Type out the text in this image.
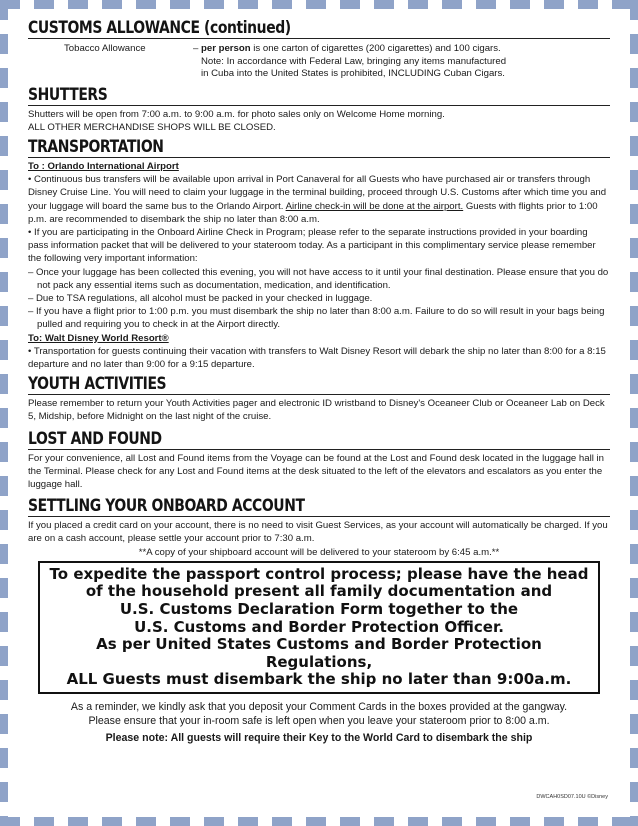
CUSTOMS ALLOWANCE (continued)
Tobacco Allowance	– per person is one carton of cigarettes (200 cigarettes) and 100 cigars.
Note: In accordance with Federal Law, bringing any items manufactured
in Cuba into the United States is prohibited, INCLUDING Cuban Cigars.
SHUTTERS

Shutters will be open from 7:00 a.m. to 9:00 a.m. for photo sales only on Welcome Home morning.

ALL OTHER MERCHANDISE SHOPS WILL BE CLOSED.

TRANSPORTATION
To : Orlando International Airport

• Continuous bus transfers will be available upon arrival in Port Canaveral for all Guests who have purchased air or transfers through Disney Cruise Line. You will need to claim your luggage in the terminal building, proceed through U.S. Customs after which time you and your luggage will board the same bus to the Orlando Airport. Airline check-in will be done at the airport. Guests with flights prior to 1:00 p.m. are recommended to disembark the ship no later than 8:00 a.m.

• If you are participating in the Onboard Airline Check in Program; please refer to the separate instructions provided in your boarding pass information packet that will be delivered to your stateroom today. As a participant in this complimentary service please remember the following very important information:

– Once your luggage has been collected this evening, you will not have access to it until your final destination. Please ensure that you do not pack any essential items such as documentation, medication, and identification.

– Due to TSA regulations, all alcohol must be packed in your checked in luggage.

– If you have a flight prior to 1:00 p.m. you must disembark the ship no later than 8:00 a.m. Failure to do so will result in your bags being pulled and requiring you to check in at the Airport directly.

To: Walt Disney World Resort®

• Transportation for guests continuing their vacation with transfers to Walt Disney Resort will debark the ship no later than 8:00 for a 8:15 departure and no later than 9:00 for a 9:15 departure.

YOUTH ACTIVITIES

Please remember to return your Youth Activities pager and electronic ID wristband to Disney's Oceaneer Club or Oceaneer Lab on Deck 5, Midship, before Midnight on the last night of the cruise.

LOST AND FOUND

For your convenience, all Lost and Found items from the Voyage can be found at the Lost and Found desk located in the luggage hall in the Terminal. Please check for any Lost and Found items at the desk situated to the left of the elevators and escalators as you enter the luggage hall.

SETTLING YOUR ONBOARD ACCOUNT

If you placed a credit card on your account, there is no need to visit Guest Services, as your account will automatically be charged. If you are on a cash account, please settle your account prior to 7:30 a.m.

**A copy of your shipboard account will be delivered to your stateroom by 6:45 a.m.**

To expedite the passport control process; please have the head
of the household present all family documentation and
U.S. Customs Declaration Form together to the
U.S. Customs and Border Protection Officer.
As per United States Customs and Border Protection Regulations,
ALL Guests must disembark the ship no later than 9:00a.m.

As a reminder, we kindly ask that you deposit your Comment Cards in the boxes provided at the gangway.

Please ensure that your in-room safe is left open when you leave your stateroom prior to 8:00 a.m.

Please note: All guests will require their Key to the World Card to disembark the ship

DWCAH0SD07.10U ©Disney
